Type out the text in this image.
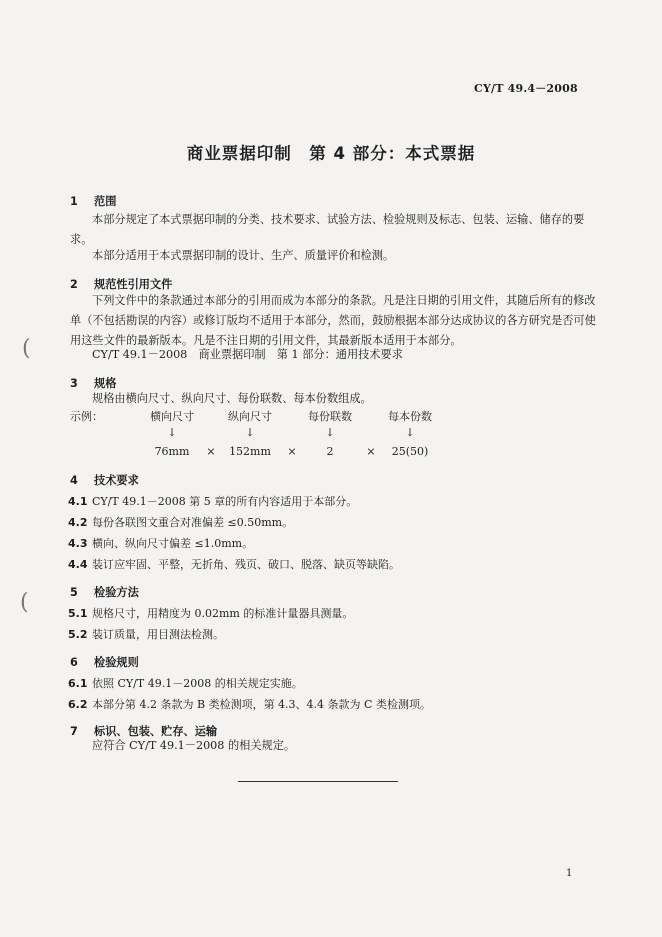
(
(
CY/T 49.4－2008
商业票据印制　第 4 部分：本式票据
1 范围
本部分规定了本式票据印制的分类、技术要求、试验方法、检验规则及标志、包装、运输、储存的要求。
本部分适用于本式票据印制的设计、生产、质量评价和检测。
2 规范性引用文件
下列文件中的条款通过本部分的引用而成为本部分的条款。凡是注日期的引用文件，其随后所有的修改单（不包括勘误的内容）或修订版均不适用于本部分，然而，鼓励根据本部分达成协议的各方研究是否可使用这些文件的最新版本。凡是不注日期的引用文件，其最新版本适用于本部分。
CY/T 49.1－2008　商业票据印制　第 1 部分：通用技术要求
3 规格
规格由横向尺寸、纵向尺寸、每份联数、每本份数组成。
示例：	横向尺寸	纵向尺寸	每份联数	每本份数
↓	↓	↓	↓
76mm	×	152mm	×	2	×	25(50)
4 技术要求
4.1 CY/T 49.1－2008 第 5 章的所有内容适用于本部分。
4.2 每份各联图文重合对准偏差 ≤0.50mm。
4.3 横向、纵向尺寸偏差 ≤1.0mm。
4.4 装订应牢固、平整，无折角、残页、破口、脱落、缺页等缺陷。
5 检验方法
5.1 规格尺寸，用精度为 0.02mm 的标准计量器具测量。
5.2 装订质量，用目测法检测。
6 检验规则
6.1 依照 CY/T 49.1－2008 的相关规定实施。
6.2 本部分第 4.2 条款为 B 类检测项，第 4.3、4.4 条款为 C 类检测项。
7 标识、包装、贮存、运输
应符合 CY/T 49.1－2008 的相关规定。
1
